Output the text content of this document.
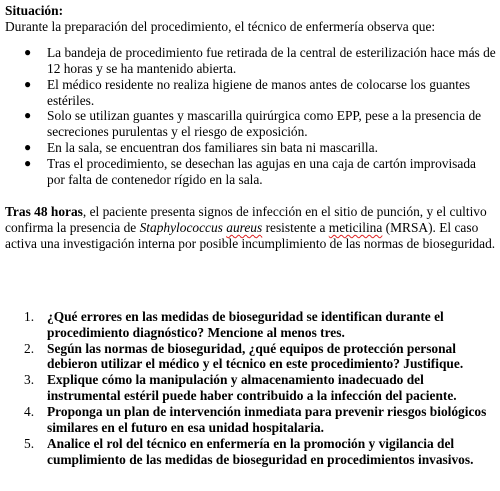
Situación:
Durante la preparación del procedimiento, el técnico de enfermería observa que:
● La bandeja de procedimiento fue retirada de la central de esterilización hace más de 12 horas y se ha mantenido abierta.
● El médico residente no realiza higiene de manos antes de colocarse los guantes estériles.
● Solo se utilizan guantes y mascarilla quirúrgica como EPP, pese a la presencia de secreciones purulentas y el riesgo de exposición.
● En la sala, se encuentran dos familiares sin bata ni mascarilla.
● Tras el procedimiento, se desechan las agujas en una caja de cartón improvisada por falta de contenedor rígido en la sala.
Tras 48 horas, el paciente presenta signos de infección en el sitio de punción, y el cultivo confirma la presencia de Staphylococcus aureus resistente a meticilina (MRSA). El caso activa una investigación interna por posible incumplimiento de las normas de bioseguridad.
1. ¿Qué errores en las medidas de bioseguridad se identifican durante el procedimiento diagnóstico? Mencione al menos tres.
2. Según las normas de bioseguridad, ¿qué equipos de protección personal debieron utilizar el médico y el técnico en este procedimiento? Justifique.
3. Explique cómo la manipulación y almacenamiento inadecuado del instrumental estéril puede haber contribuido a la infección del paciente.
4. Proponga un plan de intervención inmediata para prevenir riesgos biológicos similares en el futuro en esa unidad hospitalaria.
5. Analice el rol del técnico en enfermería en la promoción y vigilancia del cumplimiento de las medidas de bioseguridad en procedimientos invasivos.
